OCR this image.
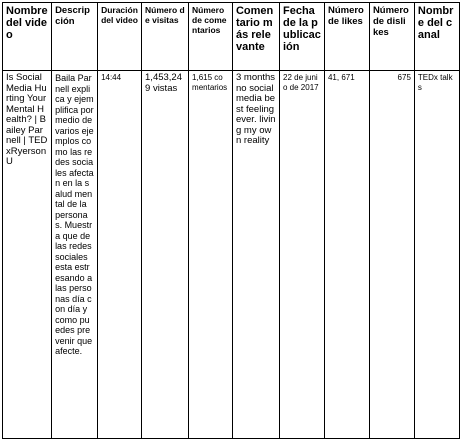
Nombre del video	Descripción	Duración del video	Número de visitas	Número de comentarios	Comentario más relevante	Fecha de la publicación	Número de likes	Número de dislikes	Nombre del canal
Is Social Media Hurting Your Mental Health? | Bailey Parnell | TEDxRyersonU	Baila Parnell explica y ejemplifica por medio de varios ejemplos como las redes sociales afectan en la salud mental de la personas. Muestra que de las redes sociales esta estresando a las personas día con día y como puedes prevenir que afecte.	14:44	1,453,249 vistas	1,615 comentarios	3 months no social media best feeling ever. living my own reality	22 de junio de 2017	41, 671	675	TEDx talks
